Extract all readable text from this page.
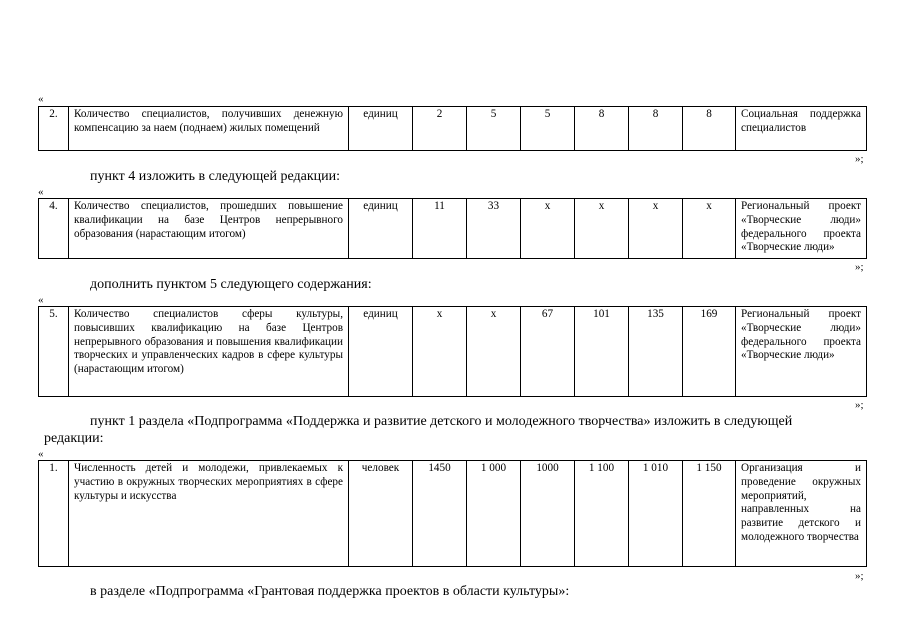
«
2.	Количество специалистов, получивших денежную компенсацию за наем (поднаем) жилых помещений	единиц	2	5	5	8	8	8	Социальная поддержка специалистов
»;
пункт 4 изложить в следующей редакции:
«
4.	Количество специалистов, прошедших повышение квалификации на базе Центров непрерывного образования (нарастающим итогом)	единиц	11	33	х	х	х	х	Региональный проект «Творческие люди» федерального проекта «Творческие люди»
»;
дополнить пунктом 5 следующего содержания:
«
5.	Количество специалистов сферы культуры, повысивших квалификацию на базе Центров непрерывного образования и повышения квалификации творческих и управленческих кадров в сфере культуры (нарастающим итогом)	единиц	х	х	67	101	135	169	Региональный проект «Творческие люди» федерального проекта «Творческие люди»
»;
пункт 1 раздела «Подпрограмма «Поддержка и развитие детского и молодежного творчества» изложить в следующей
редакции:
«
1.	Численность детей и молодежи, привлекаемых к участию в окружных творческих мероприятиях в сфере культуры и искусства	человек	1450	1 000	1000	1 100	1 010	1 150	Организация и проведение окружных мероприятий, направленных на развитие детского и молодежного творчества
»;
в разделе «Подпрограмма «Грантовая поддержка проектов в области культуры»:
